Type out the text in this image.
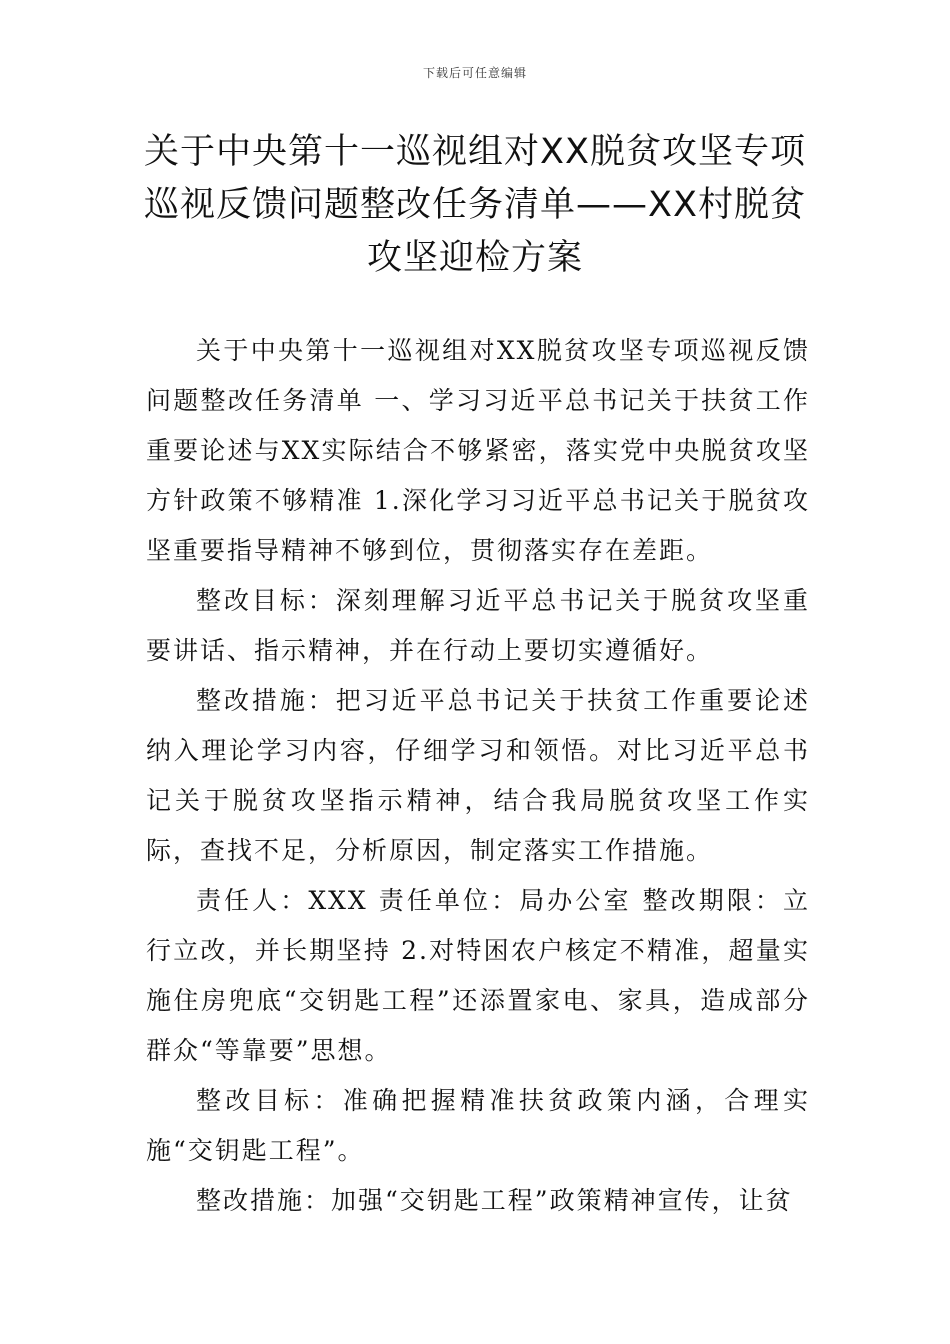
下载后可任意编辑
关于中央第十一巡视组对XX脱贫攻坚专项巡视反馈问题整改任务清单——XX村脱贫攻坚迎检方案

关于中央第十一巡视组对XX脱贫攻坚专项巡视反馈问题整改任务清单 一、学习习近平总书记关于扶贫工作重要论述与XX实际结合不够紧密，落实党中央脱贫攻坚方针政策不够精准 1.深化学习习近平总书记关于脱贫攻坚重要指导精神不够到位，贯彻落实存在差距。

整改目标：深刻理解习近平总书记关于脱贫攻坚重要讲话、指示精神，并在行动上要切实遵循好。

整改措施：把习近平总书记关于扶贫工作重要论述纳入理论学习内容，仔细学习和领悟。对比习近平总书记关于脱贫攻坚指示精神，结合我局脱贫攻坚工作实际，查找不足，分析原因，制定落实工作措施。

责任人：XXX 责任单位：局办公室 整改期限：立行立改，并长期坚持 2.对特困农户核定不精准，超量实施住房兜底“交钥匙工程”还添置家电、家具，造成部分群众“等靠要”思想。

整改目标：准确把握精准扶贫政策内涵，合理实施“交钥匙工程”。

整改措施：加强“交钥匙工程”政策精神宣传，让贫
